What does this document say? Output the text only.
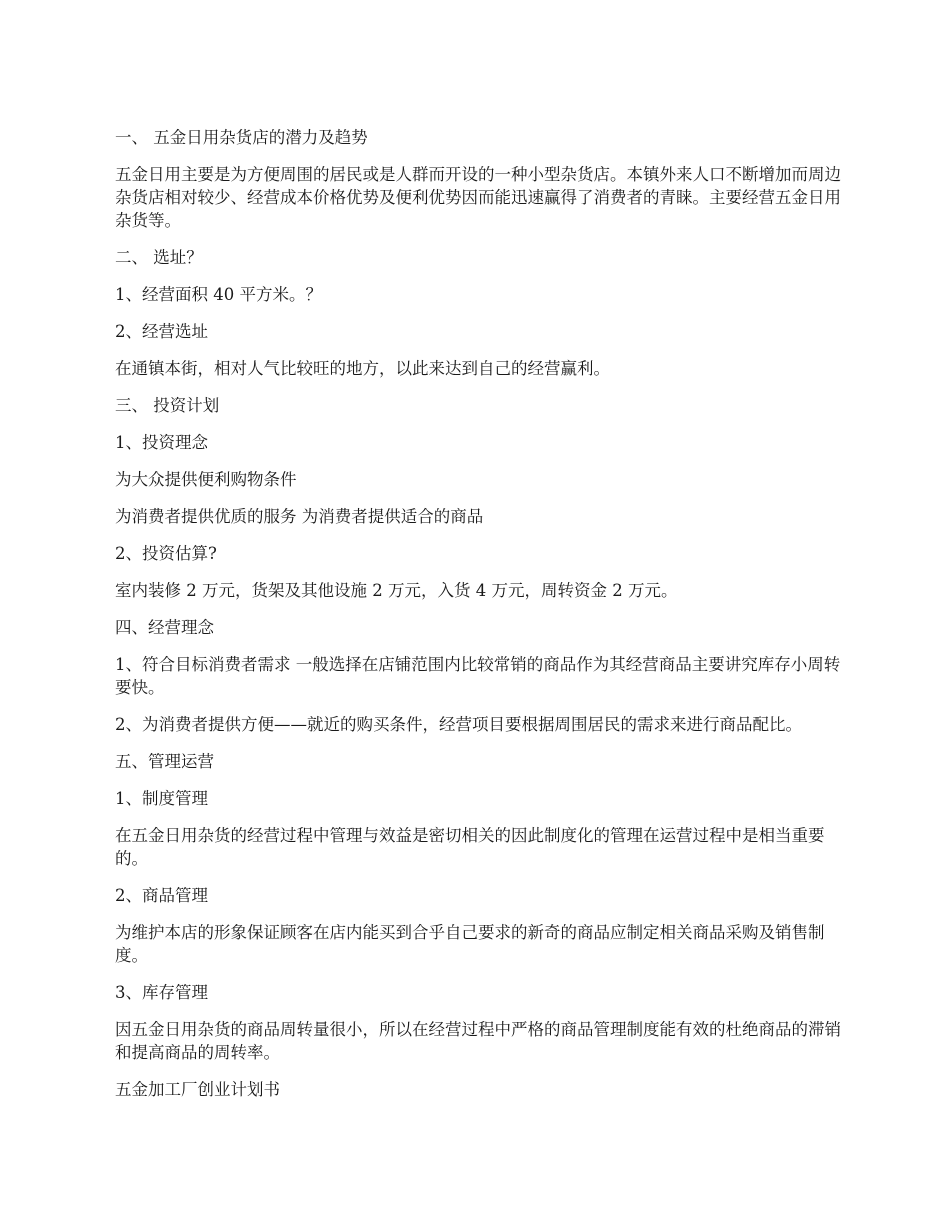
一、 五金日用杂货店的潜力及趋势

五金日用主要是为方便周围的居民或是人群而开设的一种小型杂货店。本镇外来人口不断增加而周边杂货店相对较少、经营成本价格优势及便利优势因而能迅速赢得了消费者的青睐。主要经营五金日用杂货等。

二、 选址？

1、经营面积 40 平方米。？

2、经营选址

在通镇本街，相对人气比较旺的地方，以此来达到自己的经营赢利。

三、 投资计划

1、投资理念

为大众提供便利购物条件

为消费者提供优质的服务 为消费者提供适合的商品

2、投资估算?

室内装修 2 万元，货架及其他设施 2 万元，入货 4 万元，周转资金 2 万元。

四、经营理念

1、符合目标消费者需求 一般选择在店铺范围内比较常销的商品作为其经营商品主要讲究库存小周转要快。

2、为消费者提供方便——就近的购买条件，经营项目要根据周围居民的需求来进行商品配比。

五、管理运营

1、制度管理

在五金日用杂货的经营过程中管理与效益是密切相关的因此制度化的管理在运营过程中是相当重要的。

2、商品管理

为维护本店的形象保证顾客在店内能买到合乎自己要求的新奇的商品应制定相关商品采购及销售制度。

3、库存管理

因五金日用杂货的商品周转量很小，所以在经营过程中严格的商品管理制度能有效的杜绝商品的滞销和提高商品的周转率。

五金加工厂创业计划书
